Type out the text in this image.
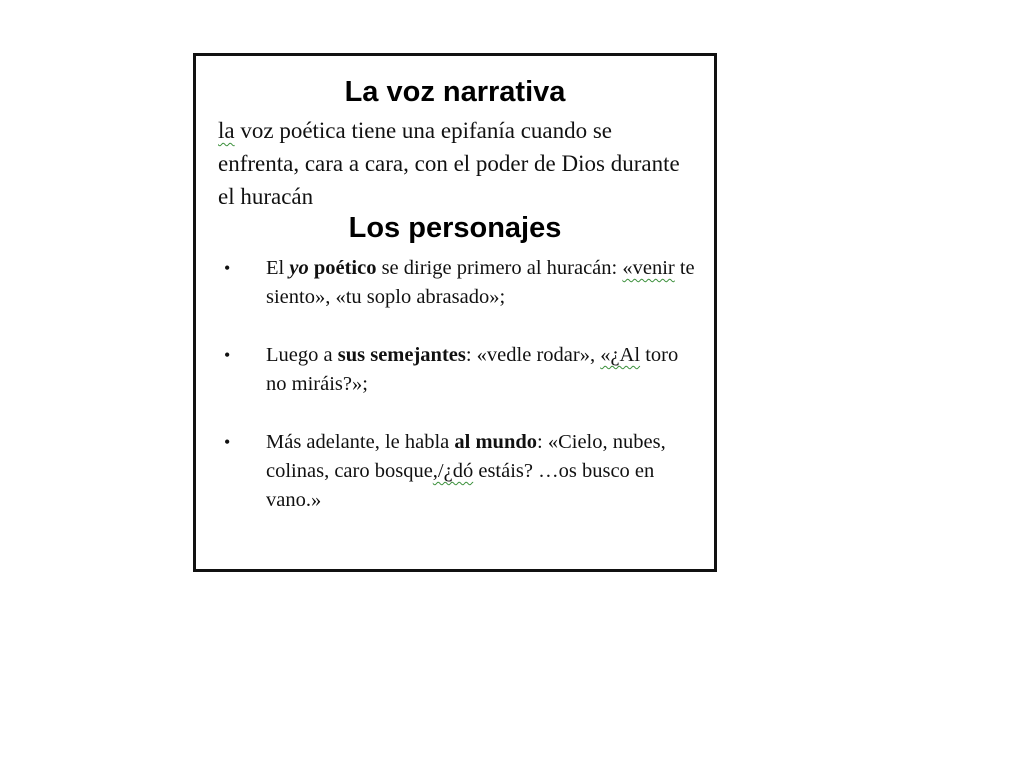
La voz narrativa

la voz poética tiene una epifanía cuando se enfrenta, cara a cara, con el poder de Dios durante el huracán

Los personajes
• El yo poético se dirige primero al huracán: «venir te siento», «tu soplo abrasado»;
• Luego a sus semejantes: «vedle rodar», «¿Al toro no miráis?»;
• Más adelante, le habla al mundo: «Cielo, nubes, colinas, caro bosque,/¿dó estáis? …os busco en vano.»
